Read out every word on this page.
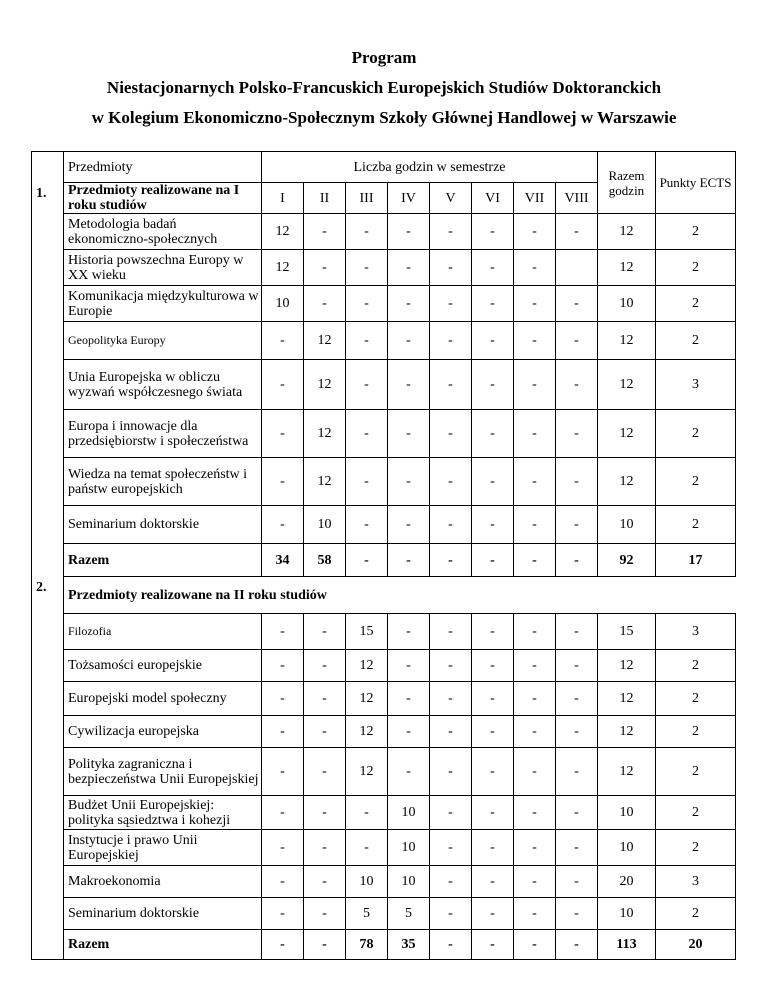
Program
Niestacjonarnych Polsko-Francuskich Europejskich Studiów Doktoranckich
w Kolegium Ekonomiczno-Społecznym Szkoły Głównej Handlowej w Warszawie
	Przedmioty	Liczba godzin w semestrze								Razem godzin	Punkty ECTS
1.	Przedmioty realizowane na I roku studiów	I	II	III	IV	V	VI	VII	VIII		
	Metodologia badań ekonomiczno-społecznych	12	-	-	-	-	-	-	-	12	2
	Historia powszechna Europy w XX wieku	12	-	-	-	-	-	-		12	2
	Komunikacja międzykulturowa w Europie	10	-	-	-	-	-	-	-	10	2
	Geopolityka Europy	-	12	-	-	-	-	-	-	12	2
	Unia Europejska w obliczu wyzwań współczesnego świata	-	12	-	-	-	-	-	-	12	3
	Europa i innowacje dla przedsiębiorstw i społeczeństwa	-	12	-	-	-	-	-	-	12	2
	Wiedza na temat społeczeństw i państw europejskich	-	12	-	-	-	-	-	-	12	2
	Seminarium doktorskie	-	10	-	-	-	-	-	-	10	2
	Razem	34	58	-	-	-	-	-	-	92	17
2.	Przedmioty realizowane na II roku studiów										
	Filozofia	-	-	15	-	-	-	-	-	15	3
	Tożsamości europejskie	-	-	12	-	-	-	-	-	12	2
	Europejski model społeczny	-	-	12	-	-	-	-	-	12	2
	Cywilizacja europejska	-	-	12	-	-	-	-	-	12	2
	Polityka zagraniczna i bezpieczeństwa Unii Europejskiej	-	-	12	-	-	-	-	-	12	2
	Budżet Unii Europejskiej: polityka sąsiedztwa i kohezji	-	-	-	10	-	-	-	-	10	2
	Instytucje i prawo Unii Europejskiej	-	-	-	10	-	-	-	-	10	2
	Makroekonomia	-	-	10	10	-	-	-	-	20	3
	Seminarium doktorskie	-	-	5	5	-	-	-	-	10	2
	Razem	-	-	78	35	-	-	-	-	113	20
